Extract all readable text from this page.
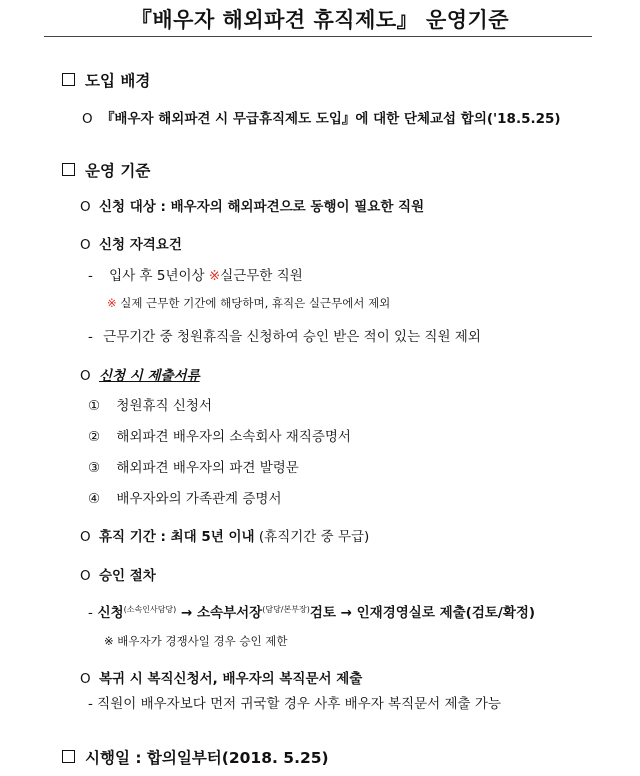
『배우자 해외파견 휴직제도』 운영기준
도입 배경
O 『배우자 해외파견 시 무급휴직제도 도입』에 대한 단체교섭 합의('18.5.25)
운영 기준
O 신청 대상 : 배우자의 해외파견으로 동행이 필요한 직원
O 신청 자격요건
- 입사 후 5년이상 ※실근무한 직원
※ 실제 근무한 기간에 해당하며, 휴직은 실근무에서 제외
- 근무기간 중 청원휴직을 신청하여 승인 받은 적이 있는 직원 제외
O 신청 시 제출서류
① 청원휴직 신청서
② 해외파견 배우자의 소속회사 재직증명서
③ 해외파견 배우자의 파견 발령문
④ 배우자와의 가족관계 증명서
O 휴직 기간 : 최대 5년 이내 (휴직기간 중 무급)
O 승인 절차
- 신청$^{(소속인사담당)}$ → 소속부서장$^{(담당/본부장)}$검토 → 인재경영실로 제출(검토/확정)
※ 배우자가 경쟁사일 경우 승인 제한
O 복귀 시 복직신청서, 배우자의 복직문서 제출
- 직원이 배우자보다 먼저 귀국할 경우 사후 배우자 복직문서 제출 가능
시행일 : 합의일부터(2018. 5.25)
